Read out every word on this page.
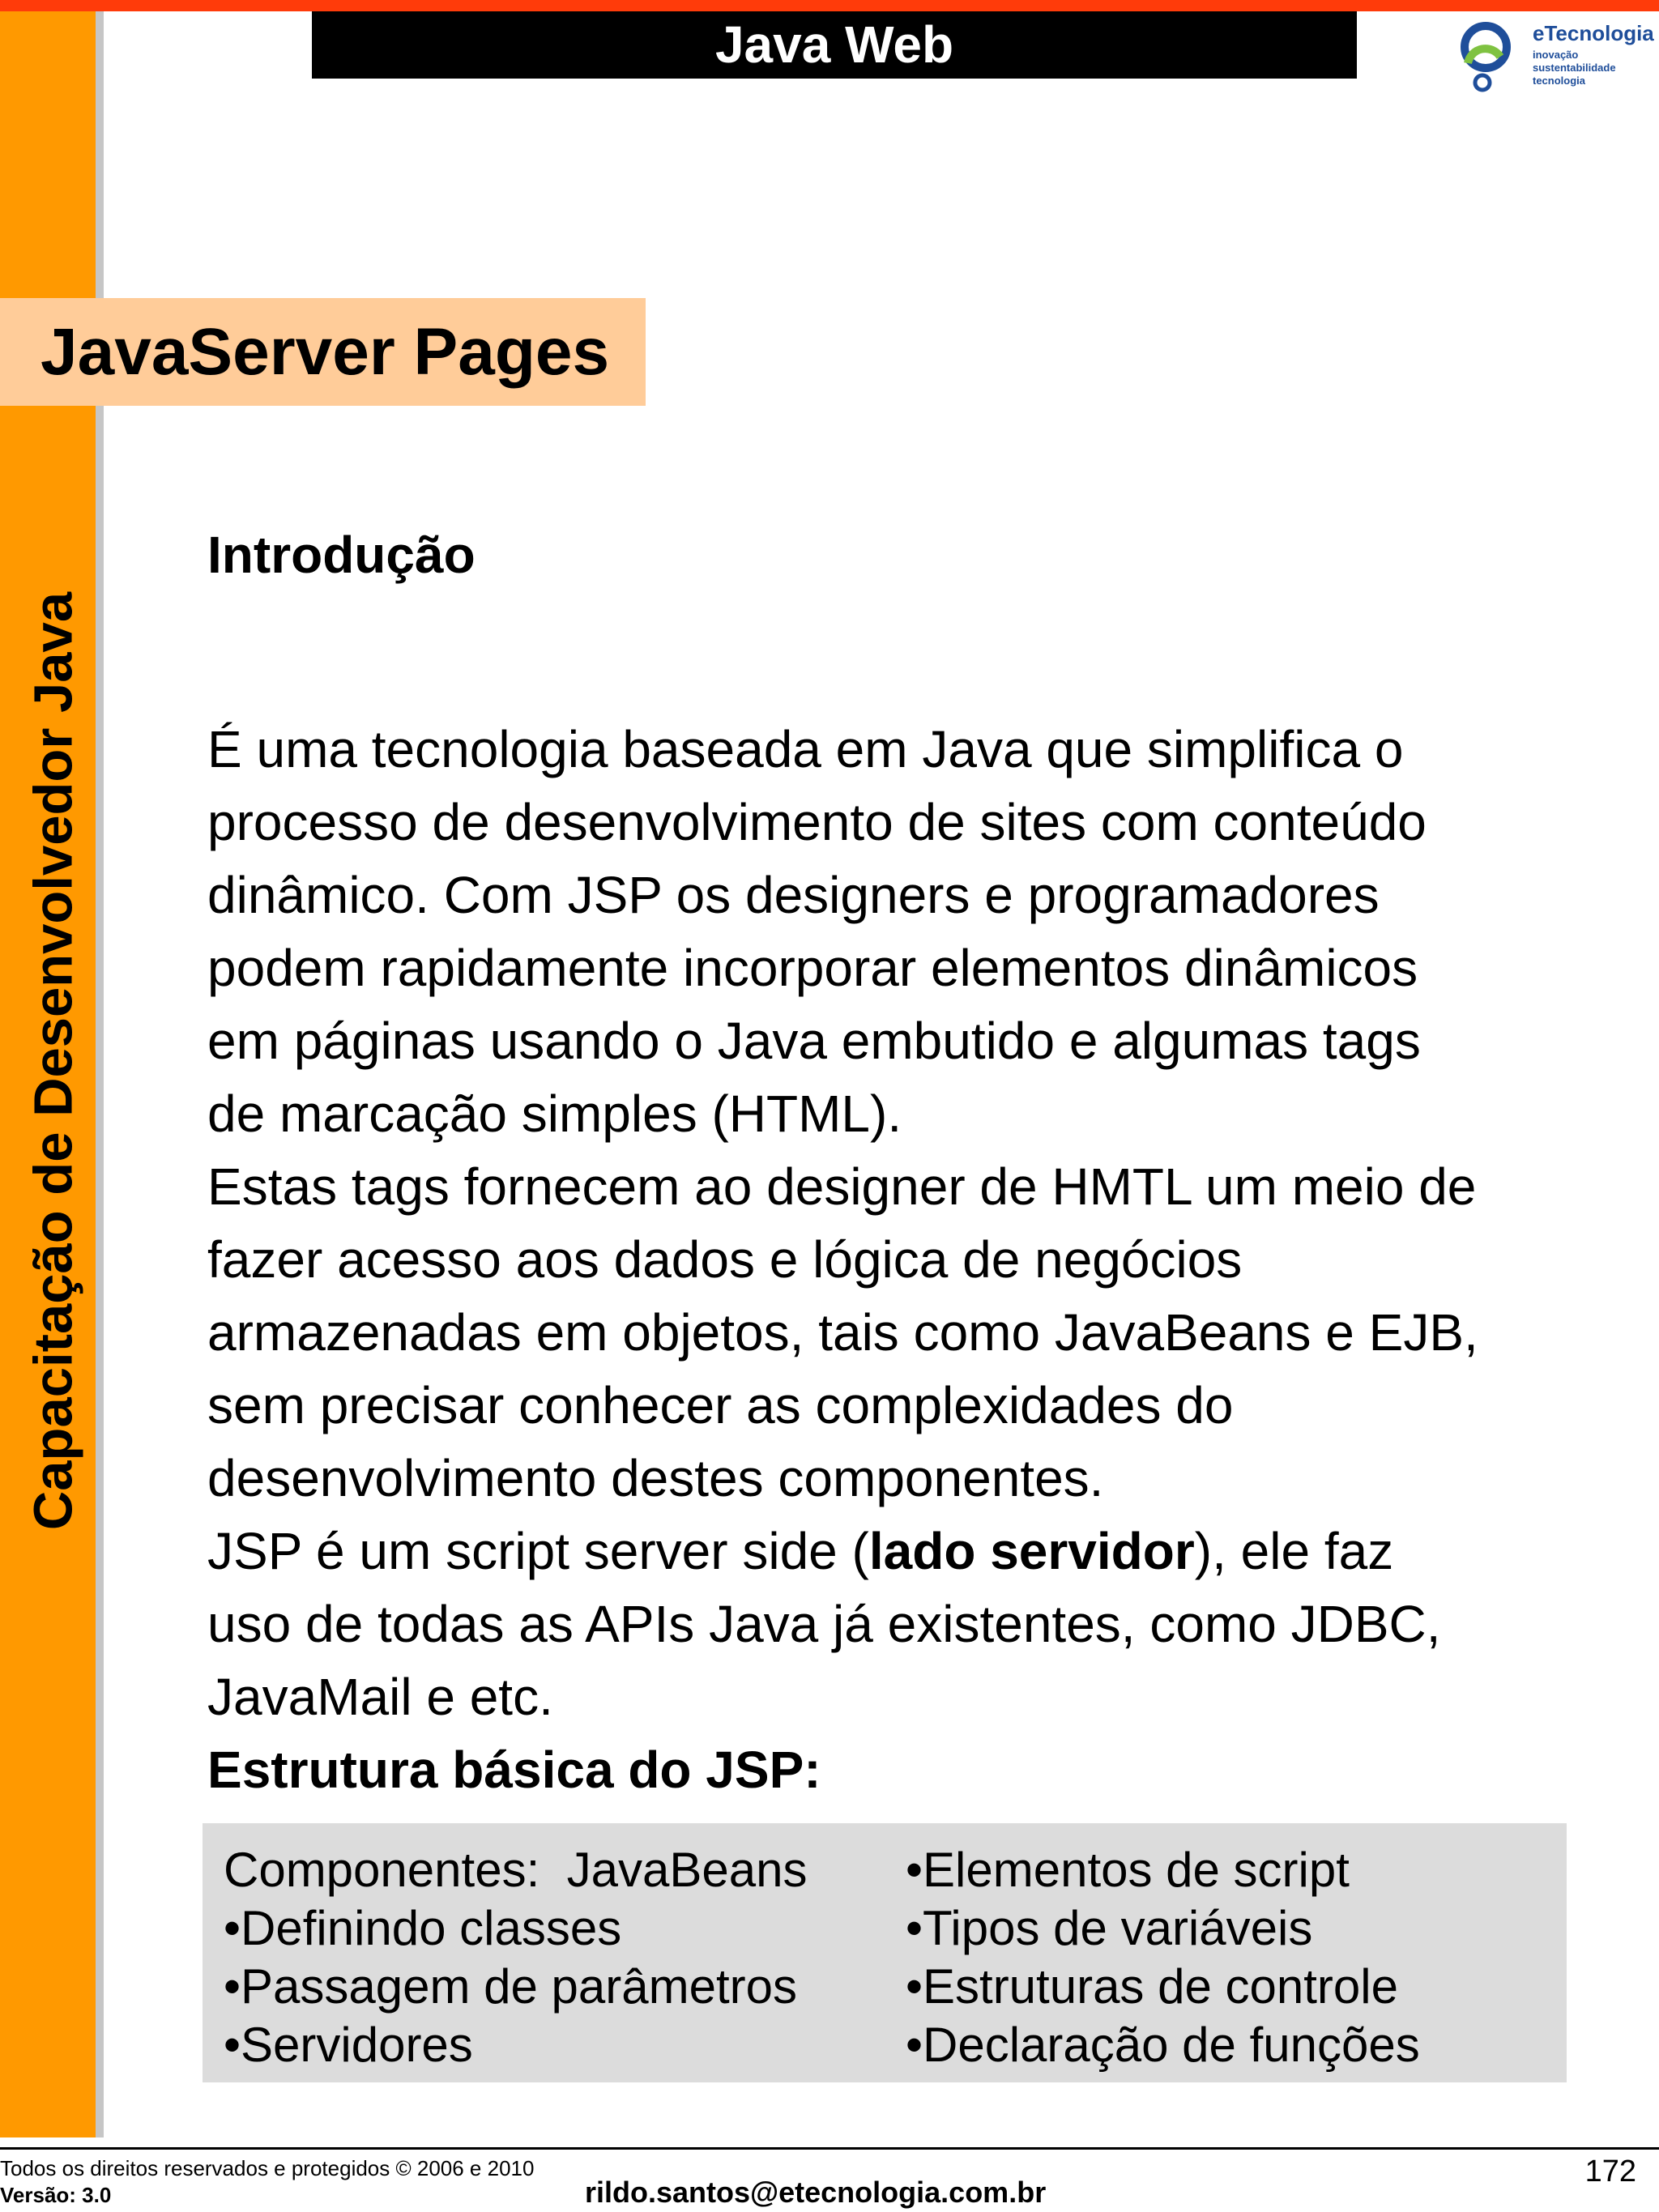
Capacitação de Desenvolvedor Java
Java Web	eTecnologia
inovação
sustentabilidade
tecnologia
JavaServer Pages
Introdução
É uma tecnologia baseada em Java que simplifica o
processo de desenvolvimento de sites com conteúdo
dinâmico. Com JSP os designers e programadores
podem rapidamente incorporar elementos dinâmicos
em páginas usando o Java embutido e algumas tags
de marcação simples (HTML).
Estas tags fornecem ao designer de HMTL um meio de
fazer acesso aos dados e lógica de negócios
armazenadas em objetos, tais como JavaBeans e EJB,
sem precisar conhecer as complexidades do
desenvolvimento destes componentes.
JSP é um script server side (lado servidor), ele faz
uso de todas as APIs Java já existentes, como JDBC,
JavaMail e etc.
Estrutura básica do JSP:
Componentes:  JavaBeans
•Definindo classes
•Passagem de parâmetros
•Servidores
•Elementos de script
•Tipos de variáveis
•Estruturas de controle
•Declaração de funções
Todos os direitos reservados e protegidos © 2006 e 2010
Versão: 3.0	rildo.santos@etecnologia.com.br
172
